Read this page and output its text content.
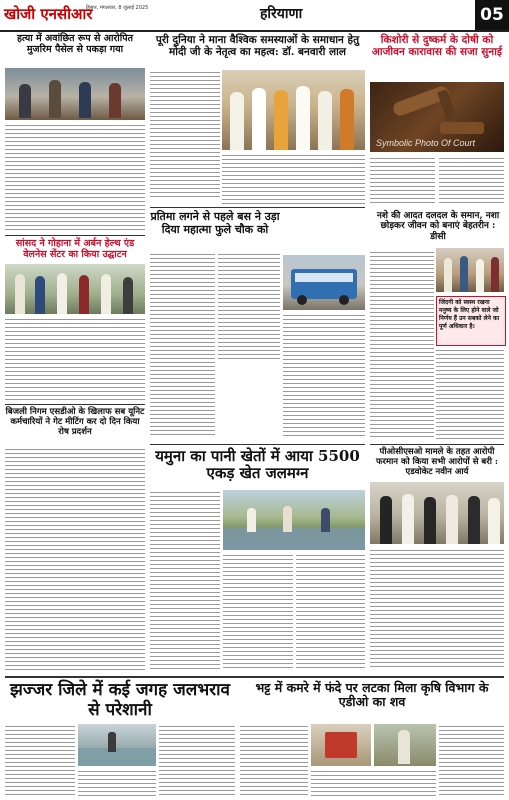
खोजी एनसीआर
हिसार, मंगलवार, 8 जुलाई 2025	हरियाणा	05
हत्या में अवांछित रूप से आरोपित मुजरिम पैसेल से पकड़ा गया
सांसद ने गोहाना में अर्बन हेल्थ एंड वेलनेस सेंटर का किया उद्घाटन
बिजली निगम एसडीओ के खिलाफ सब यूनिट कर्मचारियों ने गेट मीटिंग कर दो दिन किया रोष प्रदर्शन
पूरी दुनिया ने माना वैश्विक समस्याओं के समाधान हेतु मोदी जी के नेतृत्व का महत्व: डॉ. बनवारी लाल
प्रतिमा लगने से पहले बस ने उड़ा दिया महात्मा फुले चौक को
यमुना का पानी खेतों में आया 5500 एकड़ खेत जलमग्न
किशोरी से दुष्कर्म के दोषी को आजीवन कारावास की सजा सुनाई
Symbolic Photo Of Court
नशे की आदत दलदल के समान, नशा छोड़कर जीवन को बनाएं बेहतरीन : डीसी
जिंदगी को स्वस्थ रखना मनुष्य के लिए होने वाले जो निर्णय हैं उन सबको लेने का पूर्ण अधिकार है।
पीओसीएसओ मामले के तहत आरोपी फरमान को किया सभी आरोपों से बरी : एडवोकेट नवीन आर्य
झज्जर जिले में कई जगह जलभराव से परेशानी
भट्ट में कमरे में फंदे पर लटका मिला कृषि विभाग के एडीओ का शव
